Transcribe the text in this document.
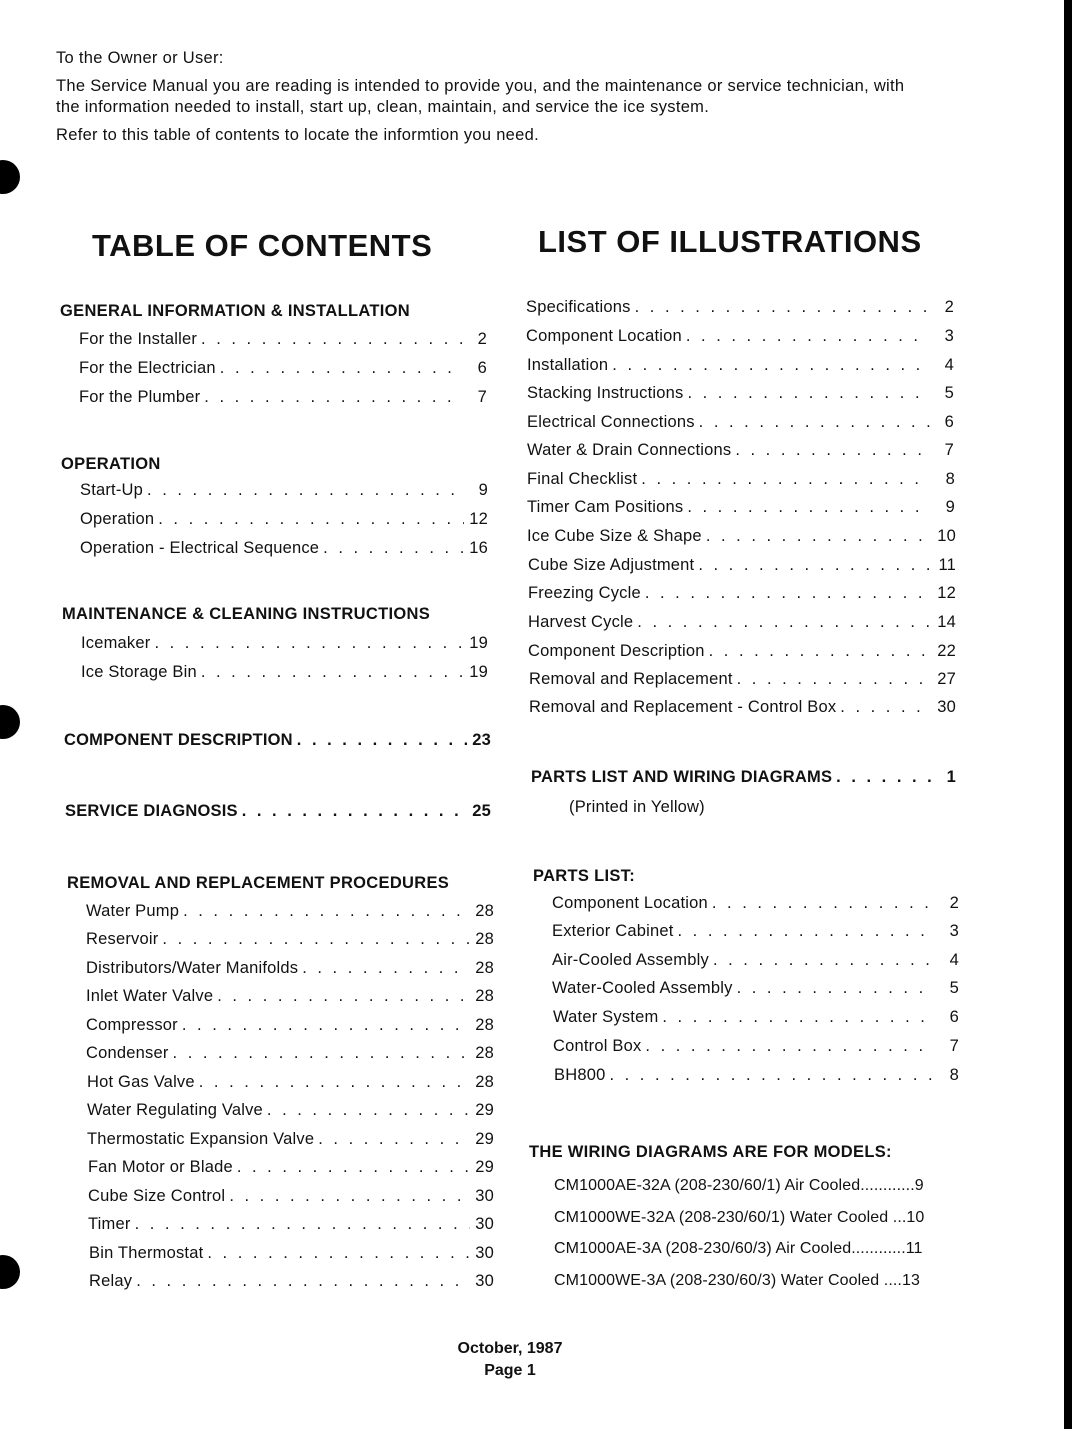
To the Owner or User:

The Service Manual you are reading is intended to provide you, and the maintenance or service technician, with the information needed to install, start up, clean, maintain, and service the ice system.

Refer to this table of contents to locate the informtion you need.

TABLE OF CONTENTS	LIST OF ILLUSTRATIONS
GENERAL INFORMATION & INSTALLATION
For the Installer . . .	2
For the Electrician . . .	6
For the Plumber . . .	7
OPERATION
Start-Up . . .	9
Operation . . .	12
Operation - Electrical Sequence . . .	16
MAINTENANCE & CLEANING INSTRUCTIONS
Icemaker . . .	19
Ice Storage Bin . . .	19
COMPONENT DESCRIPTION . . .	23
SERVICE DIAGNOSIS . . .	25
REMOVAL AND REPLACEMENT PROCEDURES
Water Pump . . .	28
Reservoir . . .	28
Distributors/Water Manifolds . . .	28
Inlet Water Valve . . .	28
Compressor . . .	28
Condenser . . .	28
Hot Gas Valve . . .	28
Water Regulating Valve . . .	29
Thermostatic Expansion Valve . . .	29
Fan Motor or Blade . . .	29
Cube Size Control . . .	30
Timer . . .	30
Bin Thermostat . . .	30
Relay . . .	30
Specifications . . .	2
Component Location . . .	3
Installation . . .	4
Stacking Instructions . . .	5
Electrical Connections . . .	6
Water & Drain Connections . . .	7
Final Checklist . . .	8
Timer Cam Positions . . .	9
Ice Cube Size & Shape . . .	10
Cube Size Adjustment . . .	11
Freezing Cycle . . .	12
Harvest Cycle . . .	14
Component Description . . .	22
Removal and Replacement . . .	27
Removal and Replacement - Control Box . . .	30
PARTS LIST AND WIRING DIAGRAMS . . .	1
(Printed in Yellow)
PARTS LIST:
Component Location . . .	2
Exterior Cabinet . . .	3
Air-Cooled Assembly . . .	4
Water-Cooled Assembly . . .	5
Water System . . .	6
Control Box . . .	7
BH800 . . .	8
THE WIRING DIAGRAMS ARE FOR MODELS:
CM1000AE-32A (208-230/60/1) Air Cooled............9
CM1000WE-32A (208-230/60/1) Water Cooled ...10
CM1000AE-3A (208-230/60/3) Air Cooled............11
CM1000WE-3A (208-230/60/3) Water Cooled ....13
October, 1987
Page 1
